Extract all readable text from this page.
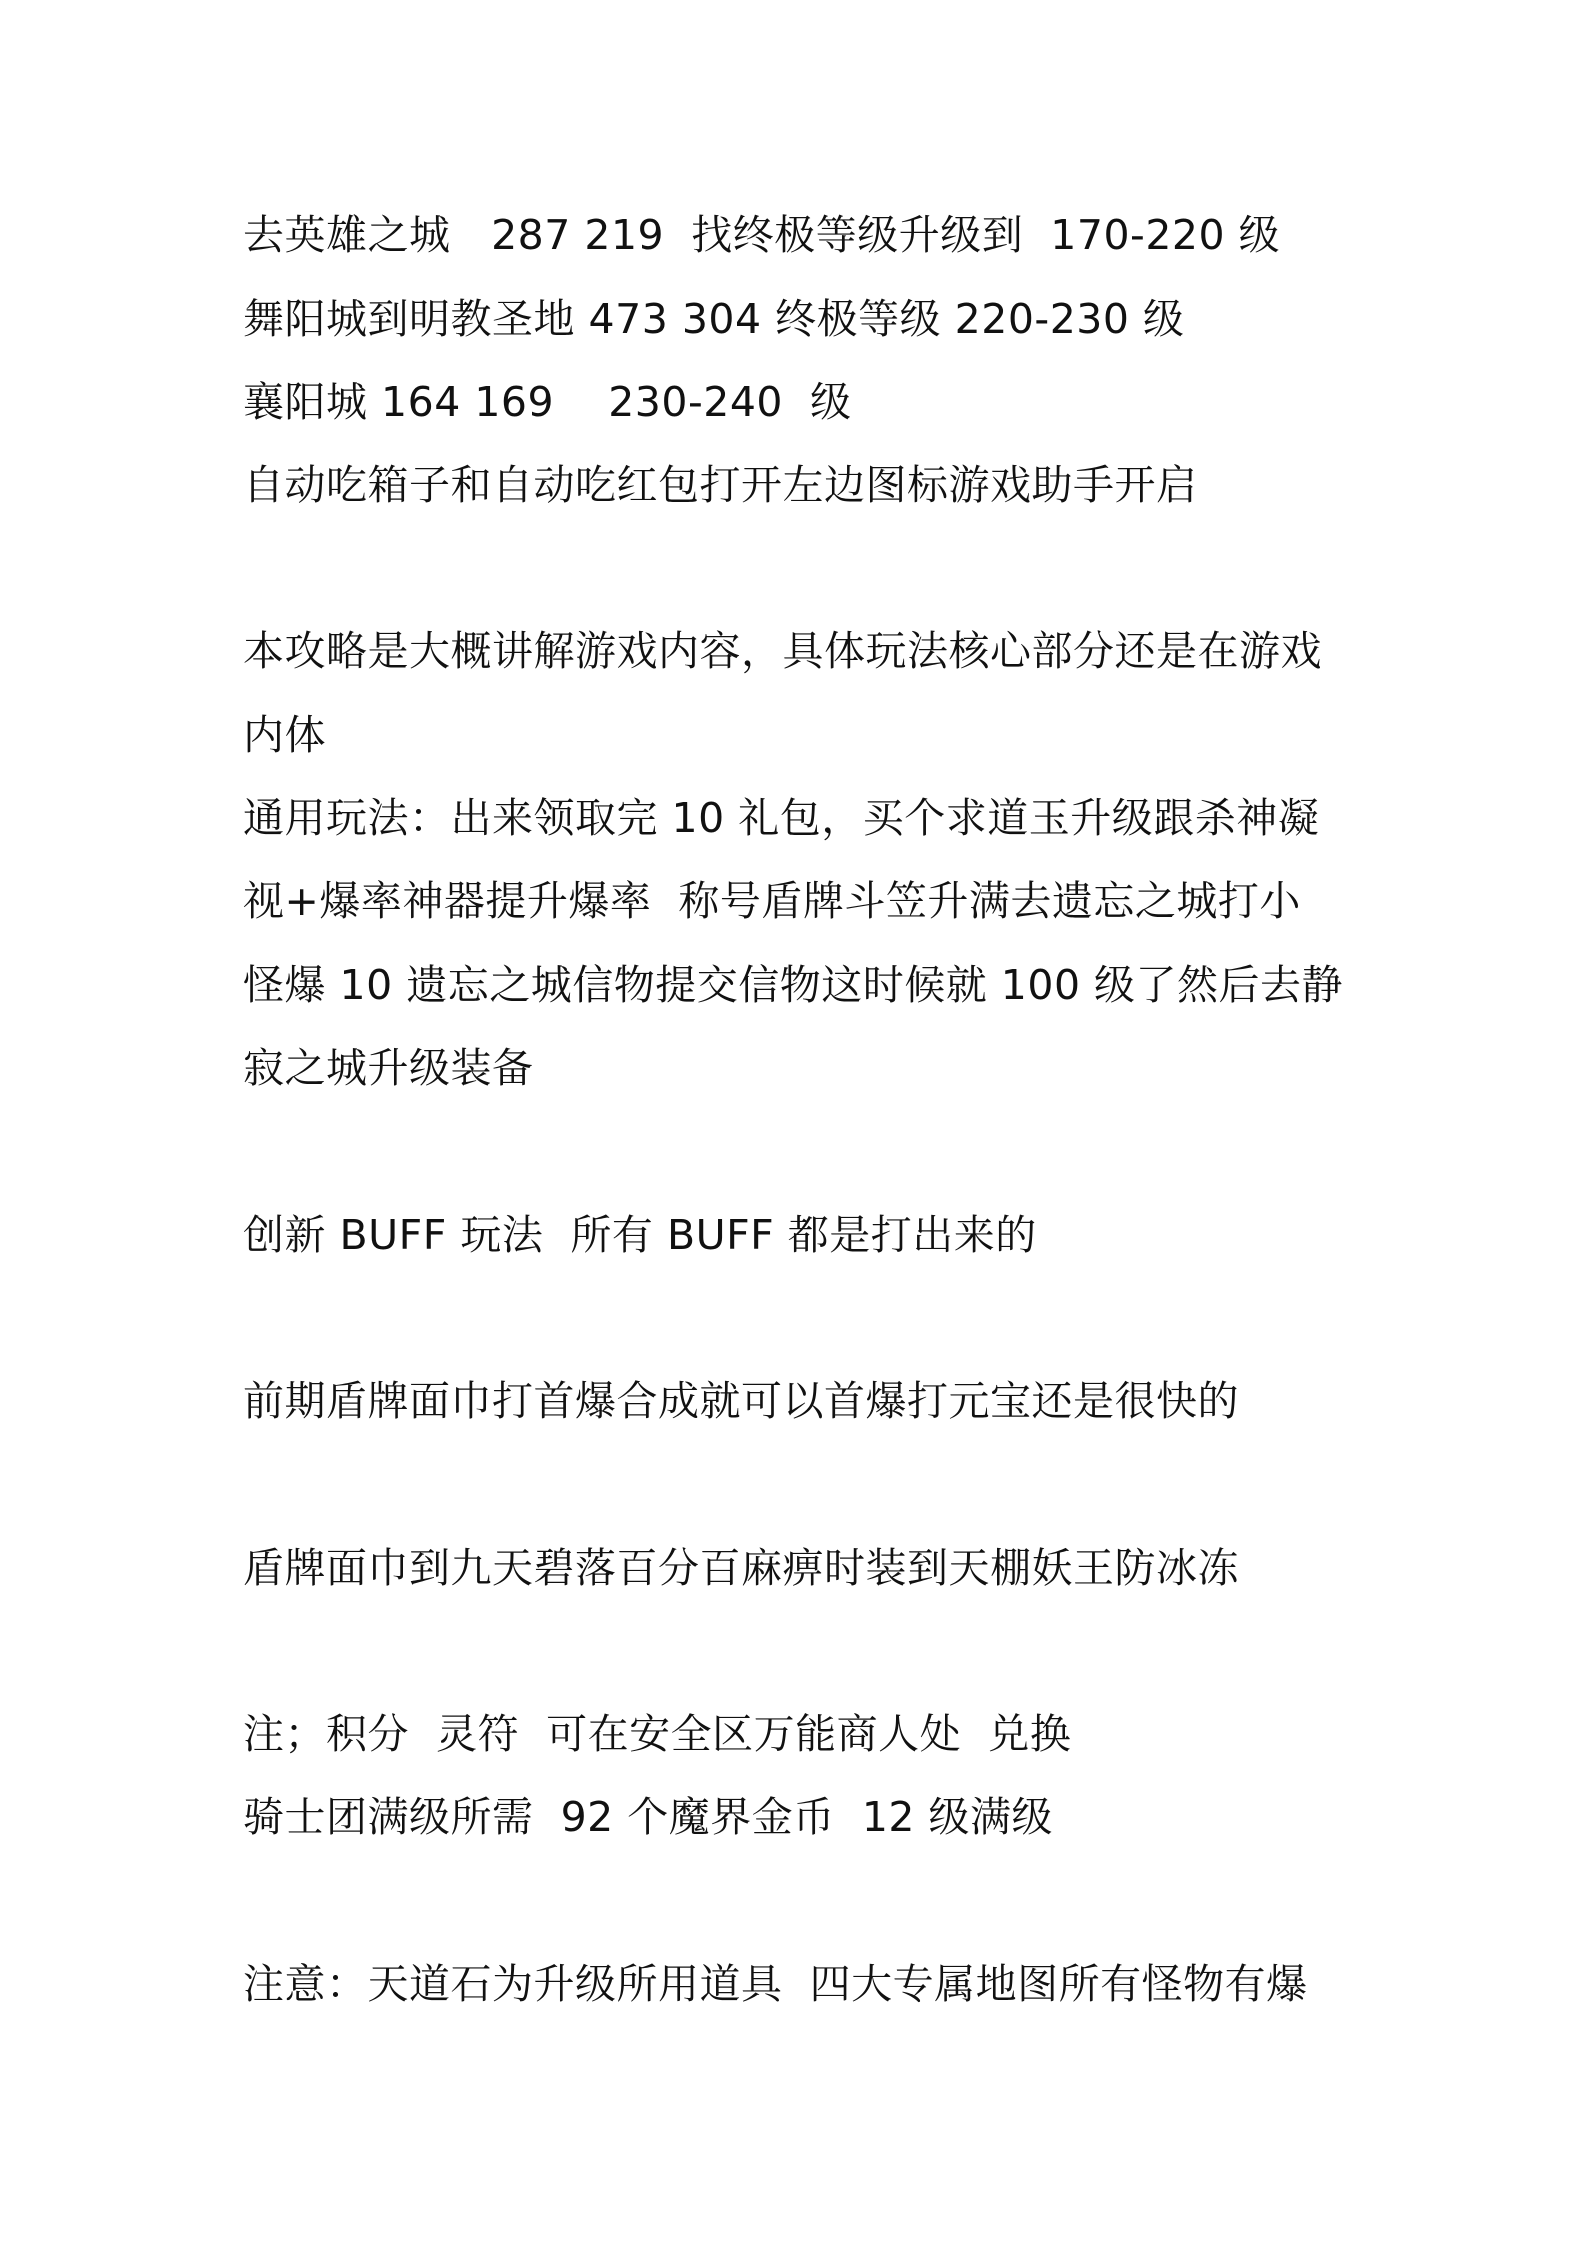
去英雄之城   287 219  找终极等级升级到  170-220 级
舞阳城到明教圣地 473 304 终极等级 220-230 级
襄阳城 164 169    230-240  级
自动吃箱子和自动吃红包打开左边图标游戏助手开启
本攻略是大概讲解游戏内容，具体玩法核心部分还是在游戏
内体
通用玩法：出来领取完 10 礼包，买个求道玉升级跟杀神凝
视+爆率神器提升爆率  称号盾牌斗笠升满去遗忘之城打小
怪爆 10 遗忘之城信物提交信物这时候就 100 级了然后去静
寂之城升级装备
创新 BUFF 玩法  所有 BUFF 都是打出来的
前期盾牌面巾打首爆合成就可以首爆打元宝还是很快的
盾牌面巾到九天碧落百分百麻痹时装到天棚妖王防冰冻
注；积分  灵符  可在安全区万能商人处  兑换
骑士团满级所需  92 个魔界金币  12 级满级
注意：天道石为升级所用道具  四大专属地图所有怪物有爆
